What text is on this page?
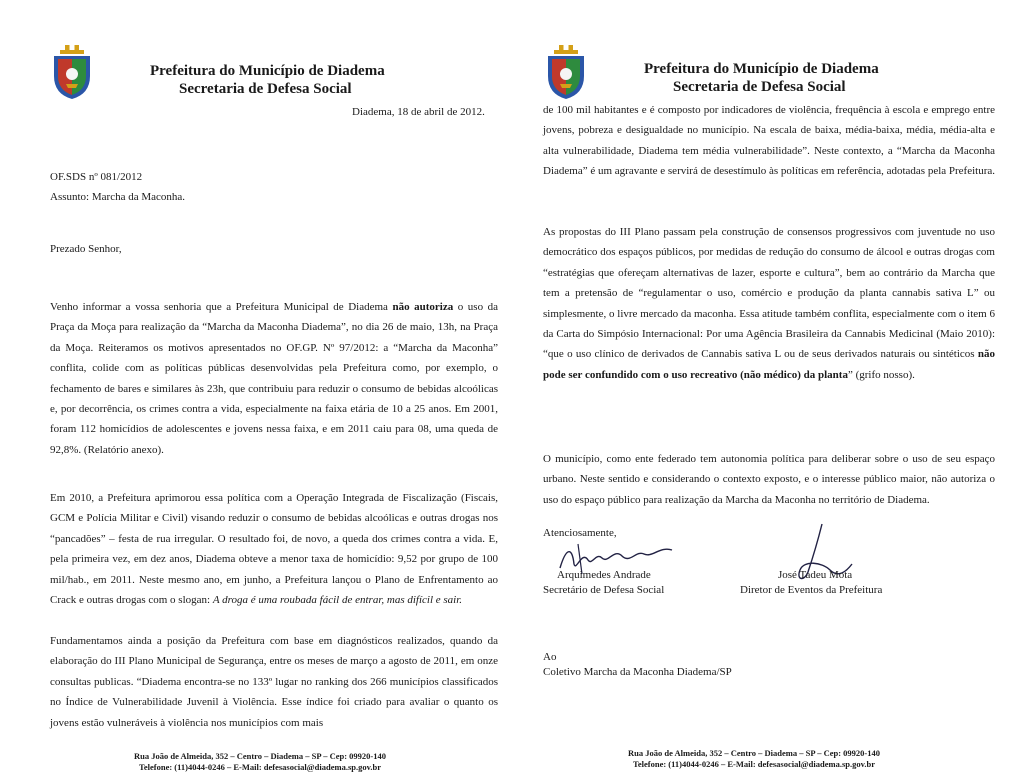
Prefeitura do Município de Diadema
Secretaria de Defesa Social
Diadema, 18 de abril de 2012.
OF.SDS nº 081/2012
Assunto: Marcha da Maconha.
Prezado Senhor,

Venho informar a vossa senhoria que a Prefeitura Municipal de Diadema não autoriza o uso da Praça da Moça para realização da “Marcha da Maconha Diadema”, no dia 26 de maio, 13h, na Praça da Moça. Reiteramos os motivos apresentados no OF.GP. Nº 97/2012: a “Marcha da Maconha” conflita, colide com as políticas públicas desenvolvidas pela Prefeitura como, por exemplo, o fechamento de bares e similares às 23h, que contribuiu para reduzir o consumo de bebidas alcoólicas e, por decorrência, os crimes contra a vida, especialmente na faixa etária de 10 a 25 anos. Em 2001, foram 112 homicídios de adolescentes e jovens nessa faixa, e em 2011 caiu para 08, uma queda de 92,8%. (Relatório anexo).

Em 2010, a Prefeitura aprimorou essa política com a Operação Integrada de Fiscalização (Fiscais, GCM e Polícia Militar e Civil) visando reduzir o consumo de bebidas alcoólicas e outras drogas nos “pancadões” – festa de rua irregular. O resultado foi, de novo, a queda dos crimes contra a vida. E, pela primeira vez, em dez anos, Diadema obteve a menor taxa de homicídio: 9,52 por grupo de 100 mil/hab., em 2011. Neste mesmo ano, em junho, a Prefeitura lançou o Plano de Enfrentamento ao Crack e outras drogas com o slogan: A droga é uma roubada fácil de entrar, mas difícil e sair.

Fundamentamos ainda a posição da Prefeitura com base em diagnósticos realizados, quando da elaboração do III Plano Municipal de Segurança, entre os meses de março a agosto de 2011, em onze consultas publicas. “Diadema encontra-se no 133º lugar no ranking dos 266 municípios classificados no Índice de Vulnerabilidade Juvenil à Violência. Esse índice foi criado para avaliar o quanto os jovens estão vulneráveis à violência nos municípios com mais

Rua João de Almeida, 352 – Centro – Diadema – SP – Cep: 09920-140
Telefone: (11)4044-0246 – E-Mail: defesasocial@diadema.sp.gov.br
Prefeitura do Município de Diadema
Secretaria de Defesa Social

de 100 mil habitantes e é composto por indicadores de violência, frequência à escola e emprego entre jovens, pobreza e desigualdade no município. Na escala de baixa, média-baixa, média, média-alta e alta vulnerabilidade, Diadema tem média vulnerabilidade”. Neste contexto, a “Marcha da Maconha Diadema” é um agravante e servirá de desestímulo às políticas em referência, adotadas pela Prefeitura.

As propostas do III Plano passam pela construção de consensos progressivos com juventude no uso democrático dos espaços públicos, por medidas de redução do consumo de álcool e outras drogas com “estratégias que ofereçam alternativas de lazer, esporte e cultura”, bem ao contrário da Marcha que tem a pretensão de “regulamentar o uso, comércio e produção da planta cannabis sativa L” ou simplesmente, o livre mercado da maconha. Essa atitude também conflita, especialmente com o item 6 da Carta do Simpósio Internacional: Por uma Agência Brasileira da Cannabis Medicinal (Maio 2010): “que o uso clínico de derivados de Cannabis sativa L ou de seus derivados naturais ou sintéticos não pode ser confundido com o uso recreativo (não médico) da planta” (grifo nosso).

O município, como ente federado tem autonomia política para deliberar sobre o uso de seu espaço urbano. Neste sentido e considerando o contexto exposto, e o interesse público maior, não autoriza o uso do espaço público para realização da Marcha da Maconha no território de Diadema.

Atenciosamente,
Arquimedes Andrade
Secretário de Defesa Social
José Tadeu Mota
Diretor de Eventos da Prefeitura
Ao
Coletivo Marcha da Maconha Diadema/SP
Rua João de Almeida, 352 – Centro – Diadema – SP – Cep: 09920-140
Telefone: (11)4044-0246 – E-Mail: defesasocial@diadema.sp.gov.br
